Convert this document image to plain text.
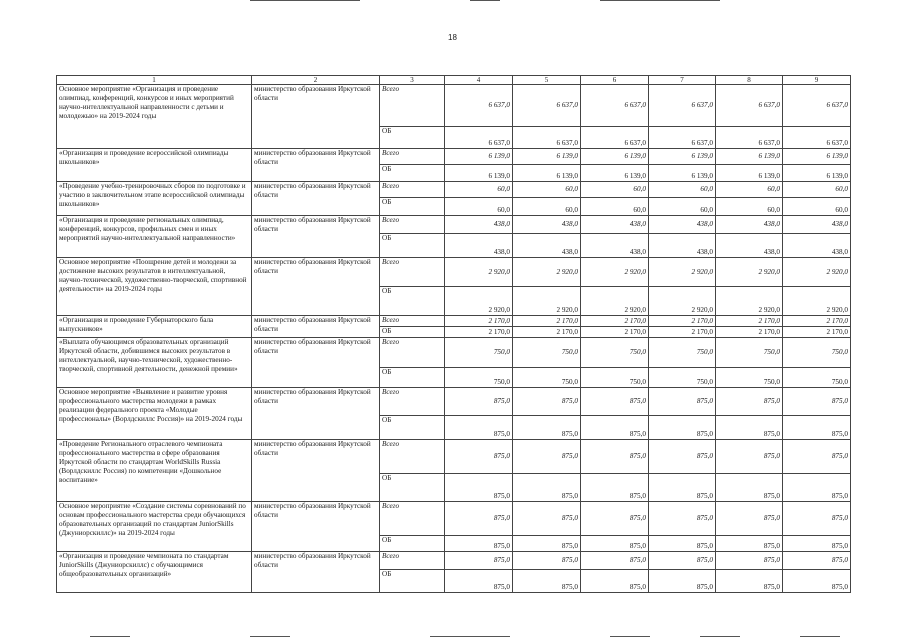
18
1	2	3	4	5	6	7	8	9
Основное мероприятие «Организация и проведение олимпиад, конференций, конкурсов и иных мероприятий научно-интеллектуальной направленности с детьми и молодежью» на 2019-2024 годы	министерство образования Иркутской области	Всего	6 637,0	6 637,0	6 637,0	6 637,0	6 637,0	6 637,0
		ОБ	6 637,0	6 637,0	6 637,0	6 637,0	6 637,0	6 637,0
«Организация и проведение всероссийской олимпиады школьников»	министерство образования Иркутской области	Всего	6 139,0	6 139,0	6 139,0	6 139,0	6 139,0	6 139,0
		ОБ	6 139,0	6 139,0	6 139,0	6 139,0	6 139,0	6 139,0
«Проведение учебно-тренировочных сборов по подготовке и участию в заключительном этапе всероссийской олимпиады школьников»	министерство образования Иркутской области	Всего	60,0	60,0	60,0	60,0	60,0	60,0
		ОБ	60,0	60,0	60,0	60,0	60,0	60,0
«Организация и проведение региональных олимпиад, конференций, конкурсов, профильных смен и иных мероприятий научно-интеллектуальной направленности»	министерство образования Иркутской области	Всего	438,0	438,0	438,0	438,0	438,0	438,0
		ОБ	438,0	438,0	438,0	438,0	438,0	438,0
Основное мероприятие «Поощрение детей и молодежи за достижение высоких результатов в интеллектуальной, научно-технической, художественно-творческой, спортивной деятельности» на 2019-2024 годы	министерство образования Иркутской области	Всего	2 920,0	2 920,0	2 920,0	2 920,0	2 920,0	2 920,0
		ОБ	2 920,0	2 920,0	2 920,0	2 920,0	2 920,0	2 920,0
«Организация и проведение Губернаторского бала выпускников»	министерство образования Иркутской области	Всего	2 170,0	2 170,0	2 170,0	2 170,0	2 170,0	2 170,0
		ОБ	2 170,0	2 170,0	2 170,0	2 170,0	2 170,0	2 170,0
«Выплата обучающимся образовательных организаций Иркутской области, добившимся высоких результатов в интеллектуальной, научно-технической, художественно-творческой, спортивной деятельности, денежной премии»	министерство образования Иркутской области	Всего	750,0	750,0	750,0	750,0	750,0	750,0
		ОБ	750,0	750,0	750,0	750,0	750,0	750,0
Основное мероприятие «Выявление и развитие уровня профессионального мастерства молодежи в рамках реализации федерального проекта «Молодые профессионалы» (Ворлдскиллс Россия)» на 2019-2024 годы	министерство образования Иркутской области	Всего	875,0	875,0	875,0	875,0	875,0	875,0
		ОБ	875,0	875,0	875,0	875,0	875,0	875,0
«Проведение Регионального отраслевого чемпионата профессионального мастерства в сфере образования Иркутской области по стандартам WorldSkills Russia (Ворлдскиллс Россия) по компетенции «Дошкольное воспитание»	министерство образования Иркутской области	Всего	875,0	875,0	875,0	875,0	875,0	875,0
		ОБ	875,0	875,0	875,0	875,0	875,0	875,0
Основное мероприятие «Создание системы соревнований по основам профессионального мастерства среди обучающихся образовательных организаций по стандартам JuniorSkills (Джуниорскиллс)» на 2019-2024 годы	министерство образования Иркутской области	Всего	875,0	875,0	875,0	875,0	875,0	875,0
		ОБ	875,0	875,0	875,0	875,0	875,0	875,0
«Организация и проведение чемпионата по стандартам JuniorSkills (Джуниорскиллс) с обучающимися общеобразовательных организаций»	министерство образования Иркутской области	Всего	875,0	875,0	875,0	875,0	875,0	875,0
		ОБ	875,0	875,0	875,0	875,0	875,0	875,0
